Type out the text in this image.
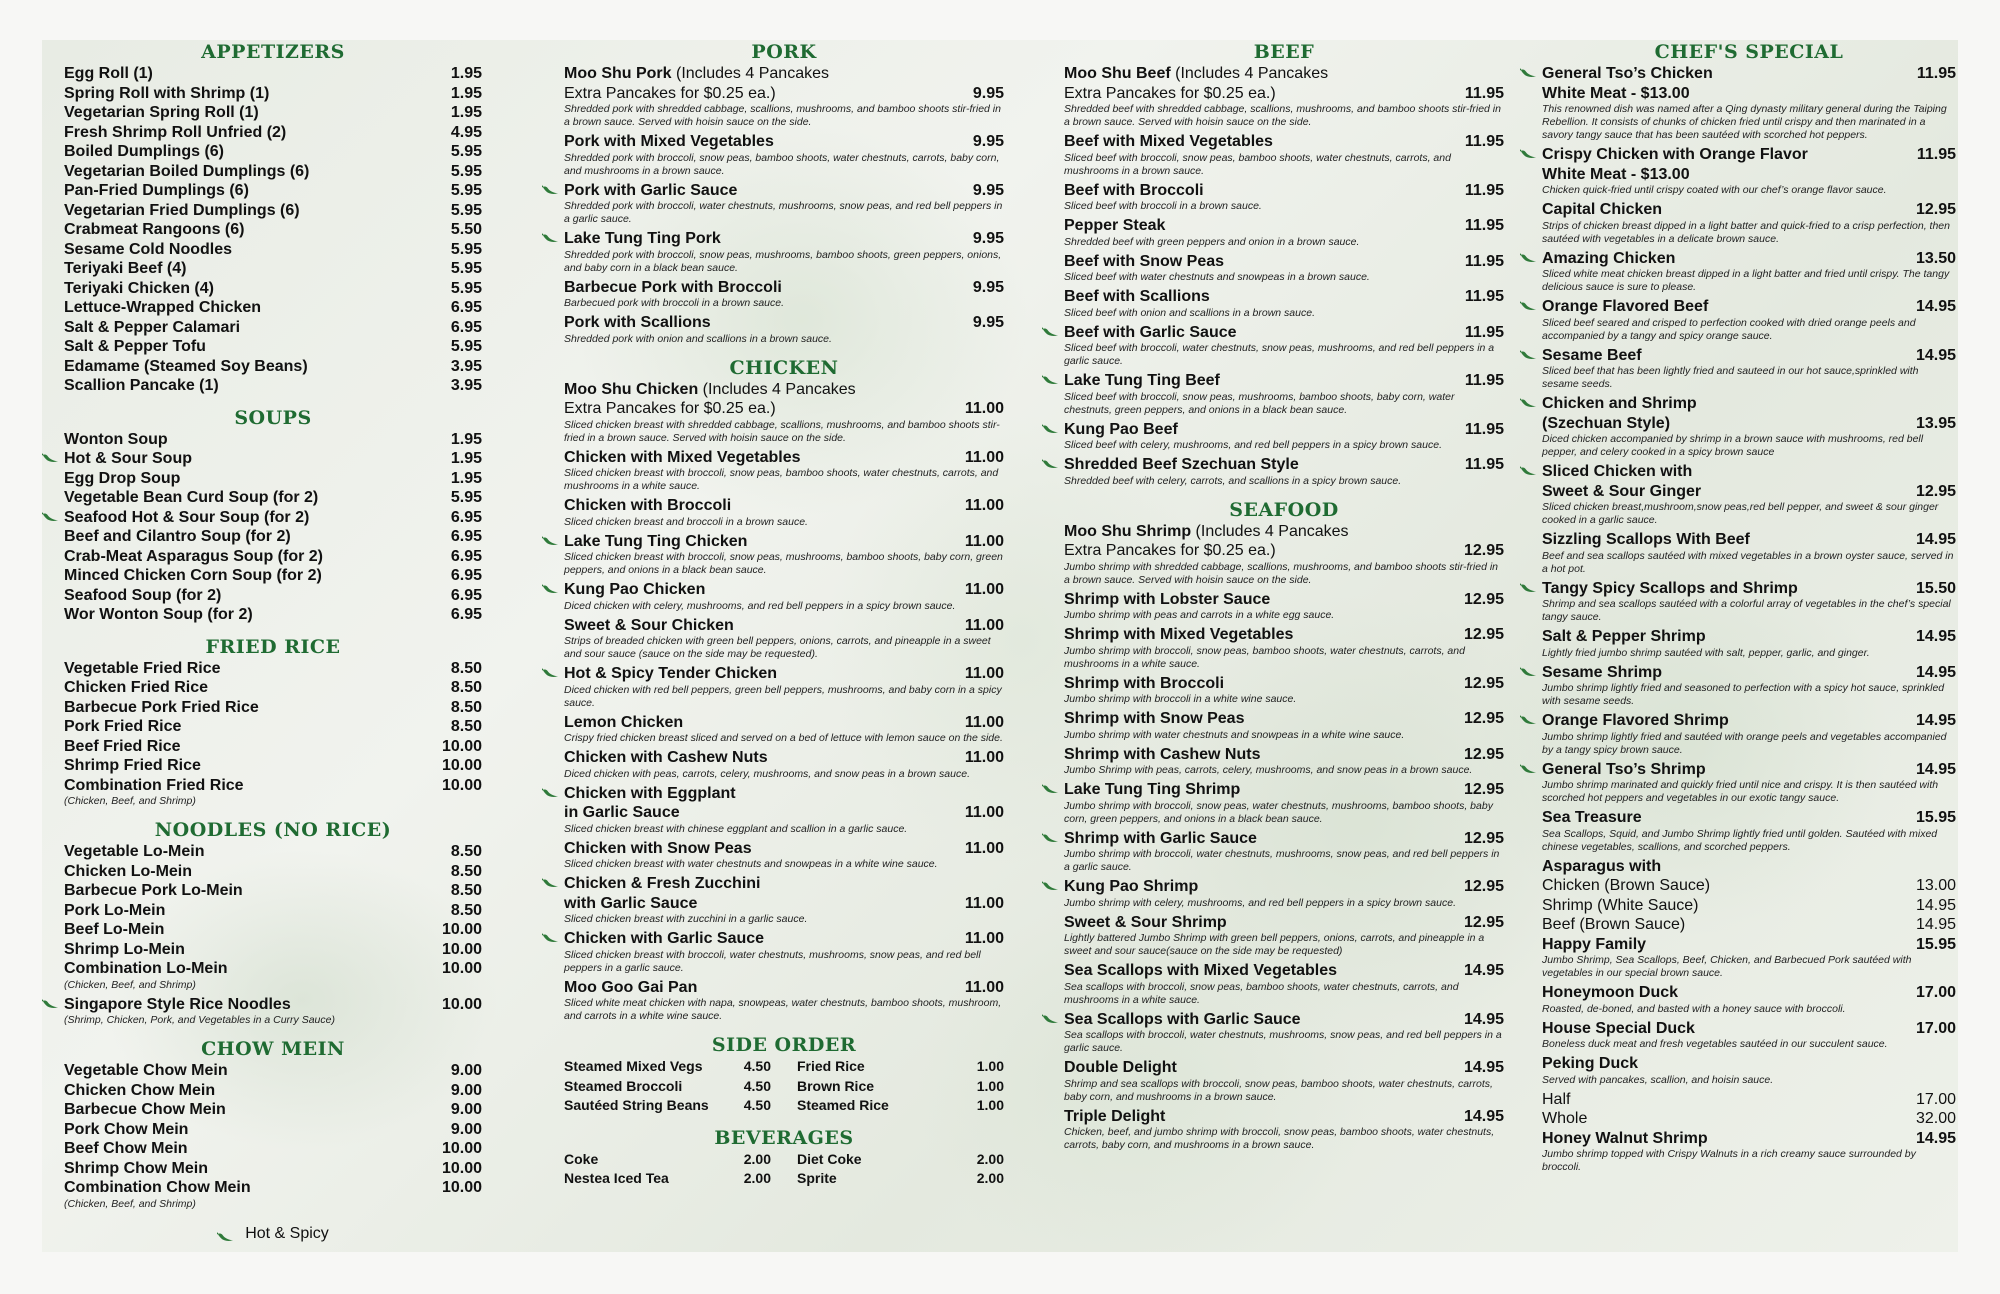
APPETIZERS
Egg Roll (1)	1.95
Spring Roll with Shrimp (1)	1.95
Vegetarian Spring Roll (1)	1.95
Fresh Shrimp Roll Unfried (2)	4.95
Boiled Dumplings (6)	5.95
Vegetarian Boiled Dumplings (6)	5.95
Pan-Fried Dumplings (6)	5.95
Vegetarian Fried Dumplings (6)	5.95
Crabmeat Rangoons (6)	5.50
Sesame Cold Noodles	5.95
Teriyaki Beef (4)	5.95
Teriyaki Chicken (4)	5.95
Lettuce-Wrapped Chicken	6.95
Salt & Pepper Calamari	6.95
Salt & Pepper Tofu	5.95
Edamame (Steamed Soy Beans)	3.95
Scallion Pancake (1)	3.95
SOUPS
Wonton Soup	1.95
Hot & Sour Soup	1.95
Egg Drop Soup	1.95
Vegetable Bean Curd Soup (for 2)	5.95
Seafood Hot & Sour Soup (for 2)	6.95
Beef and Cilantro Soup (for 2)	6.95
Crab-Meat Asparagus Soup (for 2)	6.95
Minced Chicken Corn Soup (for 2)	6.95
Seafood Soup (for 2)	6.95
Wor Wonton Soup (for 2)	6.95
FRIED RICE
Vegetable Fried Rice	8.50
Chicken Fried Rice	8.50
Barbecue Pork Fried Rice	8.50
Pork Fried Rice	8.50
Beef Fried Rice	10.00
Shrimp Fried Rice	10.00
Combination Fried Rice	10.00
(Chicken, Beef, and Shrimp)
NOODLES (NO RICE)
Vegetable Lo-Mein	8.50
Chicken Lo-Mein	8.50
Barbecue Pork Lo-Mein	8.50
Pork Lo-Mein	8.50
Beef Lo-Mein	10.00
Shrimp Lo-Mein	10.00
Combination Lo-Mein	10.00
(Chicken, Beef, and Shrimp)
Singapore Style Rice Noodles	10.00
(Shrimp, Chicken, Pork, and Vegetables in a Curry Sauce)
CHOW MEIN
Vegetable Chow Mein	9.00
Chicken Chow Mein	9.00
Barbecue Chow Mein	9.00
Pork Chow Mein	9.00
Beef Chow Mein	10.00
Shrimp Chow Mein	10.00
Combination Chow Mein	10.00
(Chicken, Beef, and Shrimp)
Hot & Spicy
PORK
Moo Shu Pork (Includes 4 Pancakes
Extra Pancakes for $0.25 ea.)	9.95
Shredded pork with shredded cabbage, scallions, mushrooms, and bamboo shoots stir-fried in a brown sauce. Served with hoisin sauce on the side.
Pork with Mixed Vegetables	9.95
Shredded pork with broccoli, snow peas, bamboo shoots, water chestnuts, carrots, baby corn, and mushrooms in a brown sauce.
Pork with Garlic Sauce	9.95
Shredded pork with broccoli, water chestnuts, mushrooms, snow peas, and red bell peppers in a garlic sauce.
Lake Tung Ting Pork	9.95
Shredded pork with broccoli, snow peas, mushrooms, bamboo shoots, green peppers, onions, and baby corn in a black bean sauce.
Barbecue Pork with Broccoli	9.95
Barbecued pork with broccoli in a brown sauce.
Pork with Scallions	9.95
Shredded pork with onion and scallions in a brown sauce.
CHICKEN
Moo Shu Chicken (Includes 4 Pancakes
Extra Pancakes for $0.25 ea.)	11.00
Sliced chicken breast with shredded cabbage, scallions, mushrooms, and bamboo shoots stir-fried in a brown sauce. Served with hoisin sauce on the side.
Chicken with Mixed Vegetables	11.00
Sliced chicken breast with broccoli, snow peas, bamboo shoots, water chestnuts, carrots, and mushrooms in a white sauce.
Chicken with Broccoli	11.00
Sliced chicken breast and broccoli in a brown sauce.
Lake Tung Ting Chicken	11.00
Sliced chicken breast with broccoli, snow peas, mushrooms, bamboo shoots, baby corn, green peppers, and onions in a black bean sauce.
Kung Pao Chicken	11.00
Diced chicken with celery, mushrooms, and red bell peppers in a spicy brown sauce.
Sweet & Sour Chicken	11.00
Strips of breaded chicken with green bell peppers, onions, carrots, and pineapple in a sweet and sour sauce (sauce on the side may be requested).
Hot & Spicy Tender Chicken	11.00
Diced chicken with red bell peppers, green bell peppers, mushrooms, and baby corn in a spicy sauce.
Lemon Chicken	11.00
Crispy fried chicken breast sliced and served on a bed of lettuce with lemon sauce on the side.
Chicken with Cashew Nuts	11.00
Diced chicken with peas, carrots, celery, mushrooms, and snow peas in a brown sauce.
Chicken with Eggplant
in Garlic Sauce	11.00
Sliced chicken breast with chinese eggplant and scallion in a garlic sauce.
Chicken with Snow Peas	11.00
Sliced chicken breast with water chestnuts and snowpeas in a white wine sauce.
Chicken & Fresh Zucchini
with Garlic Sauce	11.00
Sliced chicken breast with zucchini in a garlic sauce.
Chicken with Garlic Sauce	11.00
Sliced chicken breast with broccoli, water chestnuts, mushrooms, snow peas, and red bell peppers in a garlic sauce.
Moo Goo Gai Pan	11.00
Sliced white meat chicken with napa, snowpeas, water chestnuts, bamboo shoots, mushroom, and carrots in a white wine sauce.
SIDE ORDER
Steamed Mixed Vegs	4.50 Fried Rice	1.00
Steamed Broccoli	4.50 Brown Rice	1.00
Sautéed String Beans	4.50 Steamed Rice	1.00
BEVERAGES
Coke	2.00 Diet Coke	2.00
Nestea Iced Tea	2.00 Sprite	2.00
BEEF
Moo Shu Beef (Includes 4 Pancakes
Extra Pancakes for $0.25 ea.)	11.95
Shredded beef with shredded cabbage, scallions, mushrooms, and bamboo shoots stir-fried in a brown sauce. Served with hoisin sauce on the side.
Beef with Mixed Vegetables	11.95
Sliced beef with broccoli, snow peas, bamboo shoots, water chestnuts, carrots, and mushrooms in a brown sauce.
Beef with Broccoli	11.95
Sliced beef with broccoli in a brown sauce.
Pepper Steak	11.95
Shredded beef with green peppers and onion in a brown sauce.
Beef with Snow Peas	11.95
Sliced beef with water chestnuts and snowpeas in a brown sauce.
Beef with Scallions	11.95
Sliced beef with onion and scallions in a brown sauce.
Beef with Garlic Sauce	11.95
Sliced beef with broccoli, water chestnuts, snow peas, mushrooms, and red bell peppers in a garlic sauce.
Lake Tung Ting Beef	11.95
Sliced beef with broccoli, snow peas, mushrooms, bamboo shoots, baby corn, water chestnuts, green peppers, and onions in a black bean sauce.
Kung Pao Beef	11.95
Sliced beef with celery, mushrooms, and red bell peppers in a spicy brown sauce.
Shredded Beef Szechuan Style	11.95
Shredded beef with celery, carrots, and scallions in a spicy brown sauce.
SEAFOOD
Moo Shu Shrimp (Includes 4 Pancakes
Extra Pancakes for $0.25 ea.)	12.95
Jumbo shrimp with shredded cabbage, scallions, mushrooms, and bamboo shoots stir-fried in a brown sauce. Served with hoisin sauce on the side.
Shrimp with Lobster Sauce	12.95
Jumbo shrimp with peas and carrots in a white egg sauce.
Shrimp with Mixed Vegetables	12.95
Jumbo shrimp with broccoli, snow peas, bamboo shoots, water chestnuts, carrots, and mushrooms in a white sauce.
Shrimp with Broccoli	12.95
Jumbo shrimp with broccoli in a white wine sauce.
Shrimp with Snow Peas	12.95
Jumbo shrimp with water chestnuts and snowpeas in a white wine sauce.
Shrimp with Cashew Nuts	12.95
Jumbo Shrimp with peas, carrots, celery, mushrooms, and snow peas in a brown sauce.
Lake Tung Ting Shrimp	12.95
Jumbo shrimp with broccoli, snow peas, water chestnuts, mushrooms, bamboo shoots, baby corn, green peppers, and onions in a black bean sauce.
Shrimp with Garlic Sauce	12.95
Jumbo shrimp with broccoli, water chestnuts, mushrooms, snow peas, and red bell peppers in a garlic sauce.
Kung Pao Shrimp	12.95
Jumbo shrimp with celery, mushrooms, and red bell peppers in a spicy brown sauce.
Sweet & Sour Shrimp	12.95
Lightly battered Jumbo Shrimp with green bell peppers, onions, carrots, and pineapple in a sweet and sour sauce(sauce on the side may be requested)
Sea Scallops with Mixed Vegetables	14.95
Sea scallops with broccoli, snow peas, bamboo shoots, water chestnuts, carrots, and mushrooms in a white sauce.
Sea Scallops with Garlic Sauce	14.95
Sea scallops with broccoli, water chestnuts, mushrooms, snow peas, and red bell peppers in a garlic sauce.
Double Delight	14.95
Shrimp and sea scallops with broccoli, snow peas, bamboo shoots, water chestnuts, carrots, baby corn, and mushrooms in a brown sauce.
Triple Delight	14.95
Chicken, beef, and jumbo shrimp with broccoli, snow peas, bamboo shoots, water chestnuts, carrots, baby corn, and mushrooms in a brown sauce.
CHEF'S SPECIAL
General Tso’s Chicken	11.95
White Meat - $13.00
This renowned dish was named after a Qing dynasty military general during the Taiping Rebellion. It consists of chunks of chicken fried until crispy and then marinated in a savory tangy sauce that has been sautéed with scorched hot peppers.
Crispy Chicken with Orange Flavor	11.95
White Meat - $13.00
Chicken quick-fried until crispy coated with our chef’s orange flavor sauce.
Capital Chicken	12.95
Strips of chicken breast dipped in a light batter and quick-fried to a crisp perfection, then sautéed with vegetables in a delicate brown sauce.
Amazing Chicken	13.50
Sliced white meat chicken breast dipped in a light batter and fried until crispy. The tangy delicious sauce is sure to please.
Orange Flavored Beef	14.95
Sliced beef seared and crisped to perfection cooked with dried orange peels and accompanied by a tangy and spicy orange sauce.
Sesame Beef	14.95
Sliced beef that has been lightly fried and sauteed in our hot sauce,sprinkled with sesame seeds.
Chicken and Shrimp
(Szechuan Style)	13.95
Diced chicken accompanied by shrimp in a brown sauce with mushrooms, red bell pepper, and celery cooked in a spicy brown sauce
Sliced Chicken with
Sweet & Sour Ginger	12.95
Sliced chicken breast,mushroom,snow peas,red bell pepper, and sweet & sour ginger cooked in a garlic sauce.
Sizzling Scallops With Beef	14.95
Beef and sea scallops sautéed with mixed vegetables in a brown oyster sauce, served in a hot pot.
Tangy Spicy Scallops and Shrimp	15.50
Shrimp and sea scallops sautéed with a colorful array of vegetables in the chef’s special tangy sauce.
Salt & Pepper Shrimp	14.95
Lightly fried jumbo shrimp sautéed with salt, pepper, garlic, and ginger.
Sesame Shrimp	14.95
Jumbo shrimp lightly fried and seasoned to perfection with a spicy hot sauce, sprinkled with sesame seeds.
Orange Flavored Shrimp	14.95
Jumbo shrimp lightly fried and sautéed with orange peels and vegetables accompanied by a tangy spicy brown sauce.
General Tso’s Shrimp	14.95
Jumbo shrimp marinated and quickly fried until nice and crispy. It is then sautéed with scorched hot peppers and vegetables in our exotic tangy sauce.
Sea Treasure	15.95
Sea Scallops, Squid, and Jumbo Shrimp lightly fried until golden. Sautéed with mixed chinese vegetables, scallions, and scorched peppers.
Asparagus with
Chicken (Brown Sauce)	13.00
Shrimp (White Sauce)	14.95
Beef (Brown Sauce)	14.95
Happy Family	15.95
Jumbo Shrimp, Sea Scallops, Beef, Chicken, and Barbecued Pork sautéed with vegetables in our special brown sauce.
Honeymoon Duck	17.00
Roasted, de-boned, and basted with a honey sauce with broccoli.
House Special Duck	17.00
Boneless duck meat and fresh vegetables sautéed in our succulent sauce.
Peking Duck
Served with pancakes, scallion, and hoisin sauce.
Half	17.00
Whole	32.00
Honey Walnut Shrimp	14.95
Jumbo shrimp topped with Crispy Walnuts in a rich creamy sauce surrounded by broccoli.
